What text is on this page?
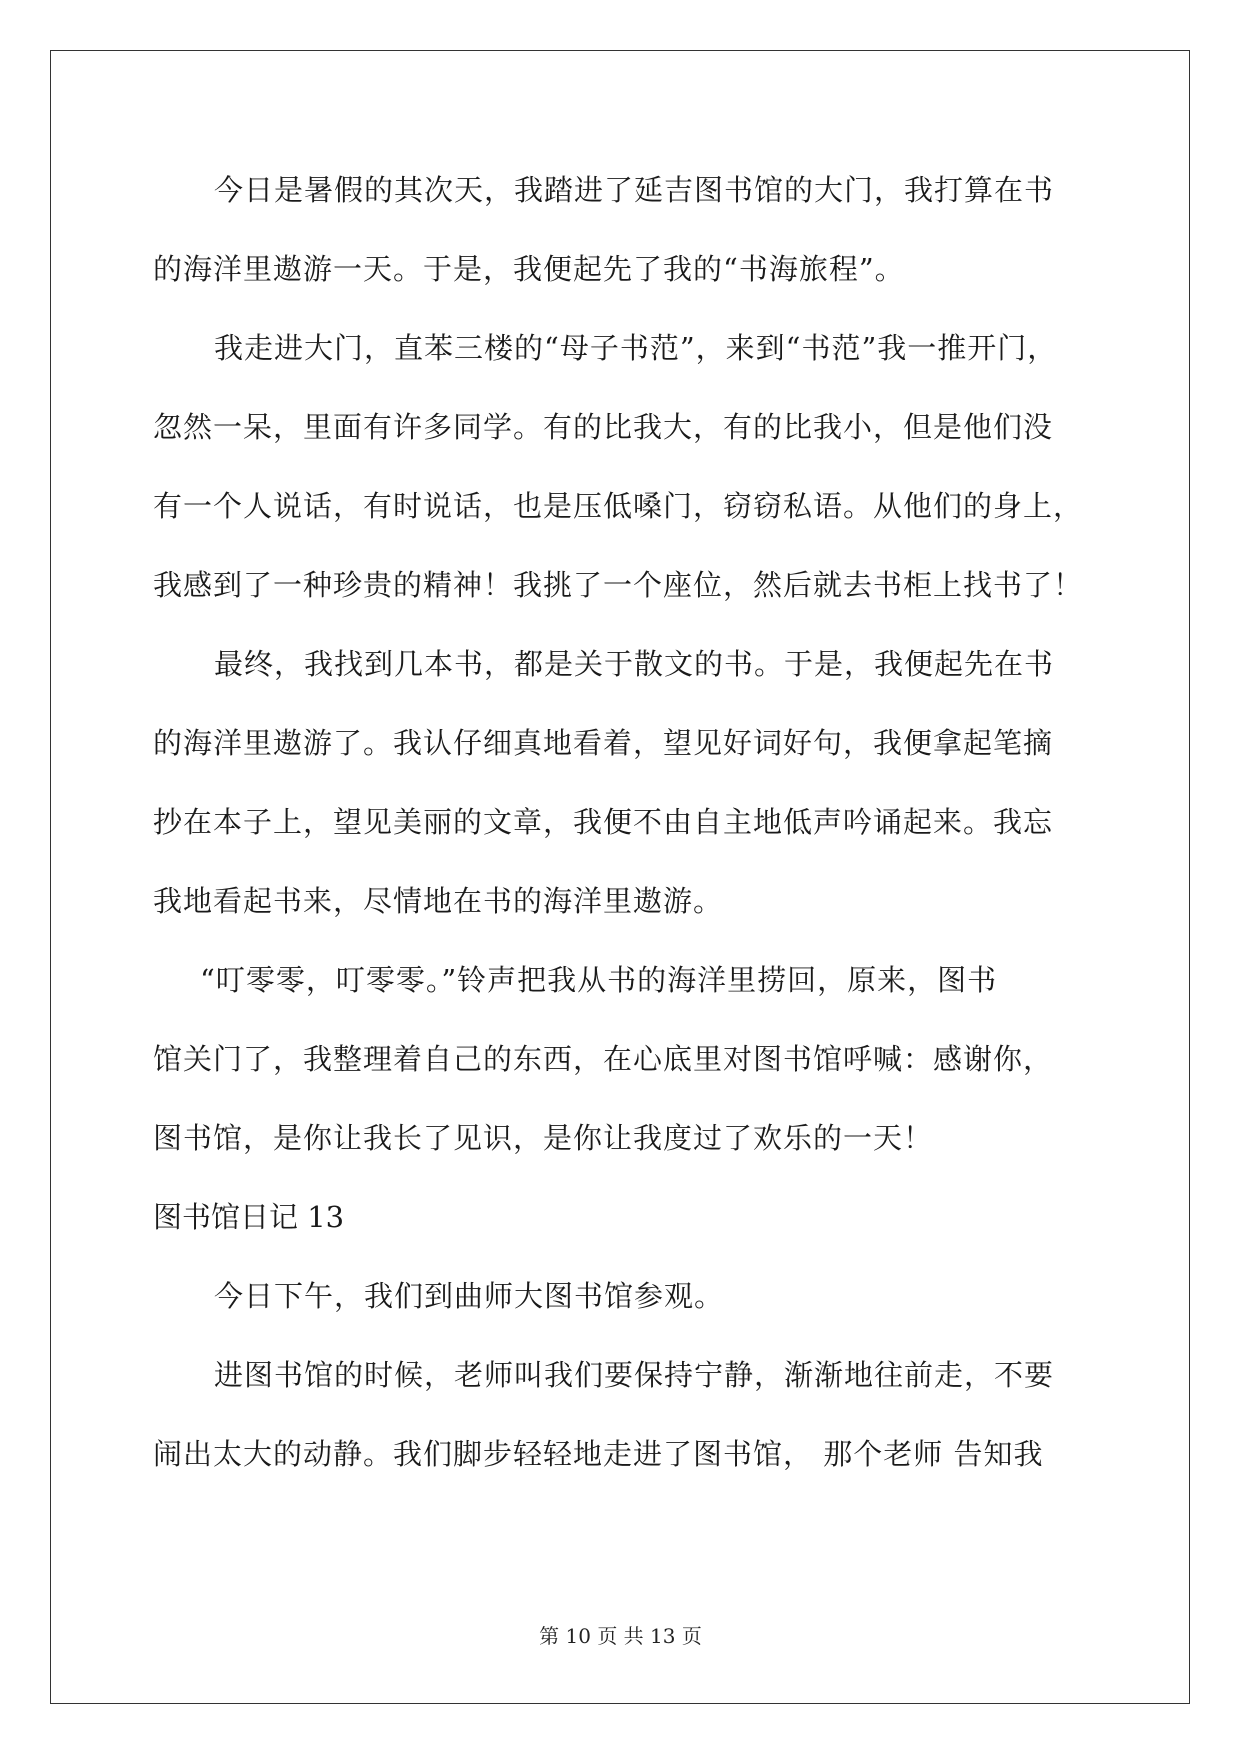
今日是暑假的其次天，我踏进了延吉图书馆的大门，我打算在书
的海洋里遨游一天。于是，我便起先了我的“书海旅程”。
我走进大门，直苯三楼的“母子书范”，来到“书范”我一推开门，
忽然一呆，里面有许多同学。有的比我大，有的比我小，但是他们没
有一个人说话，有时说话，也是压低嗓门，窃窃私语。从他们的身上，
我感到了一种珍贵的精神！我挑了一个座位，然后就去书柜上找书了！
最终，我找到几本书，都是关于散文的书。于是，我便起先在书
的海洋里遨游了。我认仔细真地看着，望见好词好句，我便拿起笔摘
抄在本子上，望见美丽的文章，我便不由自主地低声吟诵起来。我忘
我地看起书来，尽情地在书的海洋里遨游。
“叮零零，叮零零。”铃声把我从书的海洋里捞回，原来，图书
馆关门了，我整理着自己的东西，在心底里对图书馆呼喊：感谢你，
图书馆，是你让我长了见识，是你让我度过了欢乐的一天！
图书馆日记 13
今日下午，我们到曲师大图书馆参观。
进图书馆的时候，老师叫我们要保持宁静，渐渐地往前走，不要
闹出太大的动静。我们脚步轻轻地走进了图书馆， 那个老师 告知我
第 10 页 共 13 页
